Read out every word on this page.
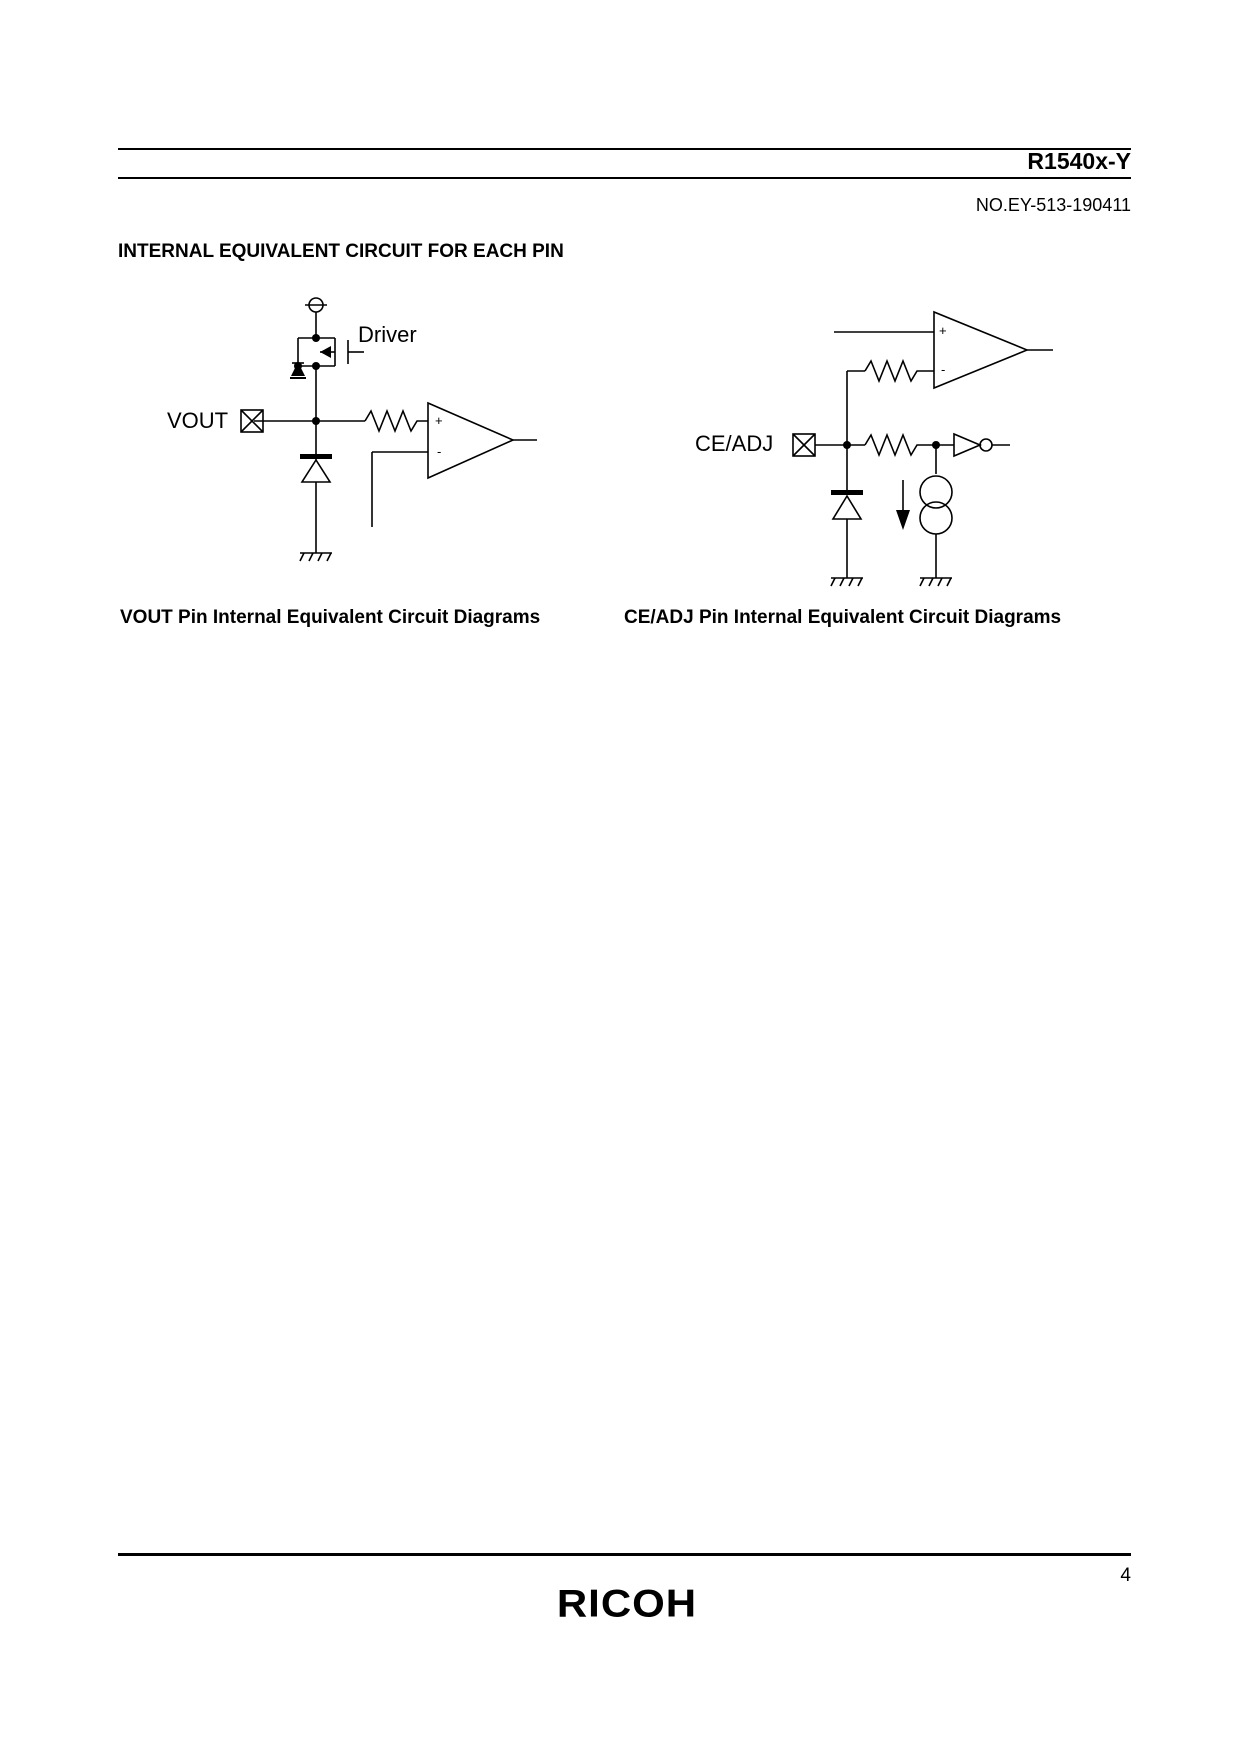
R1540x-Y
NO.EY-513-190411
INTERNAL EQUIVALENT CIRCUIT FOR EACH PIN
Driver
VOUT	+
-	CE/ADJ
+
-
VOUT Pin Internal Equivalent Circuit Diagrams	CE/ADJ Pin Internal Equivalent Circuit Diagrams
4
RICOH
